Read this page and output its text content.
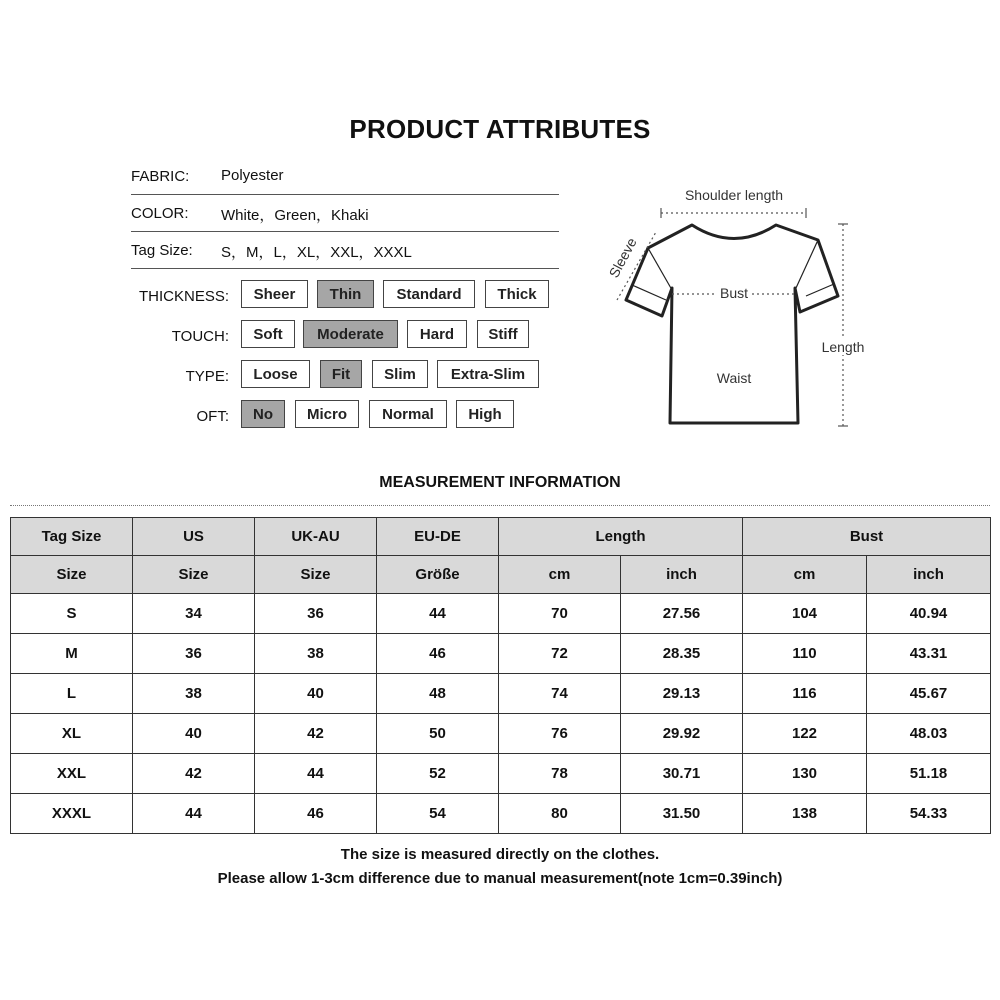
PRODUCT ATTRIBUTES
FABRIC: Polyester
COLOR: White，Green，Khaki
Tag Size: S，M，L，XL，XXL，XXXL
THICKNESS:	Sheer	Thin	Standard	Thick
TOUCH:	Soft	Moderate	Hard	Stiff
TYPE:	Loose	Fit	Slim	Extra-Slim
OFT:	No	Micro	Normal	High
Shoulder length
Sleeve
Bust
Waist
Length
MEASUREMENT INFORMATION
Tag Size	US	UK-AU	EU-DE	Length		Bust	
Size	Size	Size	Größe	cm	inch	cm	inch
S	34	36	44	70	27.56	104	40.94
M	36	38	46	72	28.35	110	43.31
L	38	40	48	74	29.13	116	45.67
XL	40	42	50	76	29.92	122	48.03
XXL	42	44	52	78	30.71	130	51.18
XXXL	44	46	54	80	31.50	138	54.33
The size is measured directly on the clothes.
Please allow 1-3cm difference due to manual measurement(note 1cm=0.39inch)
